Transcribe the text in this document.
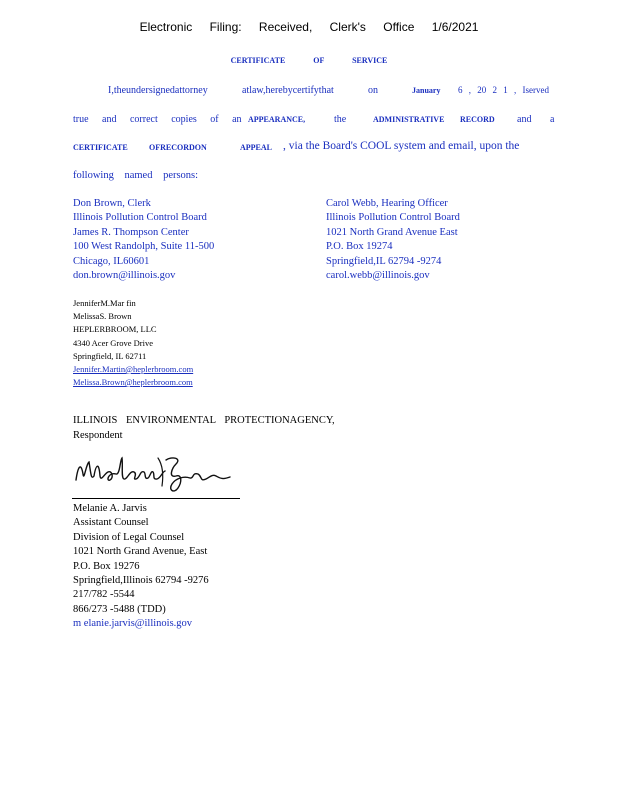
Electronic Filing: Received, Clerk's Office 1/6/2021
CERTIFICATE OF SERVICE
I,theundersignedattorney	atlaw,herebycertifythat	on	January 6 , 20 2 1 , Iserved
true and correct copies of an APPEARANCE,	the	ADMINISTRATIVE RECORD and a
CERTIFICATE	OFRECORDON	APPEAL , via the Board's COOL system and email, upon the
following named persons:
Don Brown, Clerk
Illinois Pollution Control Board
James R. Thompson Center
100 West Randolph, Suite 11-500
Chicago, IL60601
don.brown@illinois.gov
Carol Webb, Hearing Officer
Illinois Pollution Control Board
1021 North Grand Avenue East
P.O. Box 19274
Springfield,IL 62794 -9274
carol.webb@illinois.gov
JenniferM.Mar fin
MelissaS. Brown
HEPLERBROOM, LLC
4340 Acer Grove Drive
Springfield, IL 62711
Jennifer.Martin@heplerbroom.com
Melissa.Brown@heplerbroom.com
ILLINOIS ENVIRONMENTAL PROTECTIONAGENCY,
Respondent
Melanie A. Jarvis
Assistant Counsel
Division of Legal Counsel
1021 North Grand Avenue, East
P.O. Box 19276
Springfield,Illinois 62794 -9276
217/782 -5544
866/273 -5488 (TDD)
m elanie.jarvis@illinois.gov
